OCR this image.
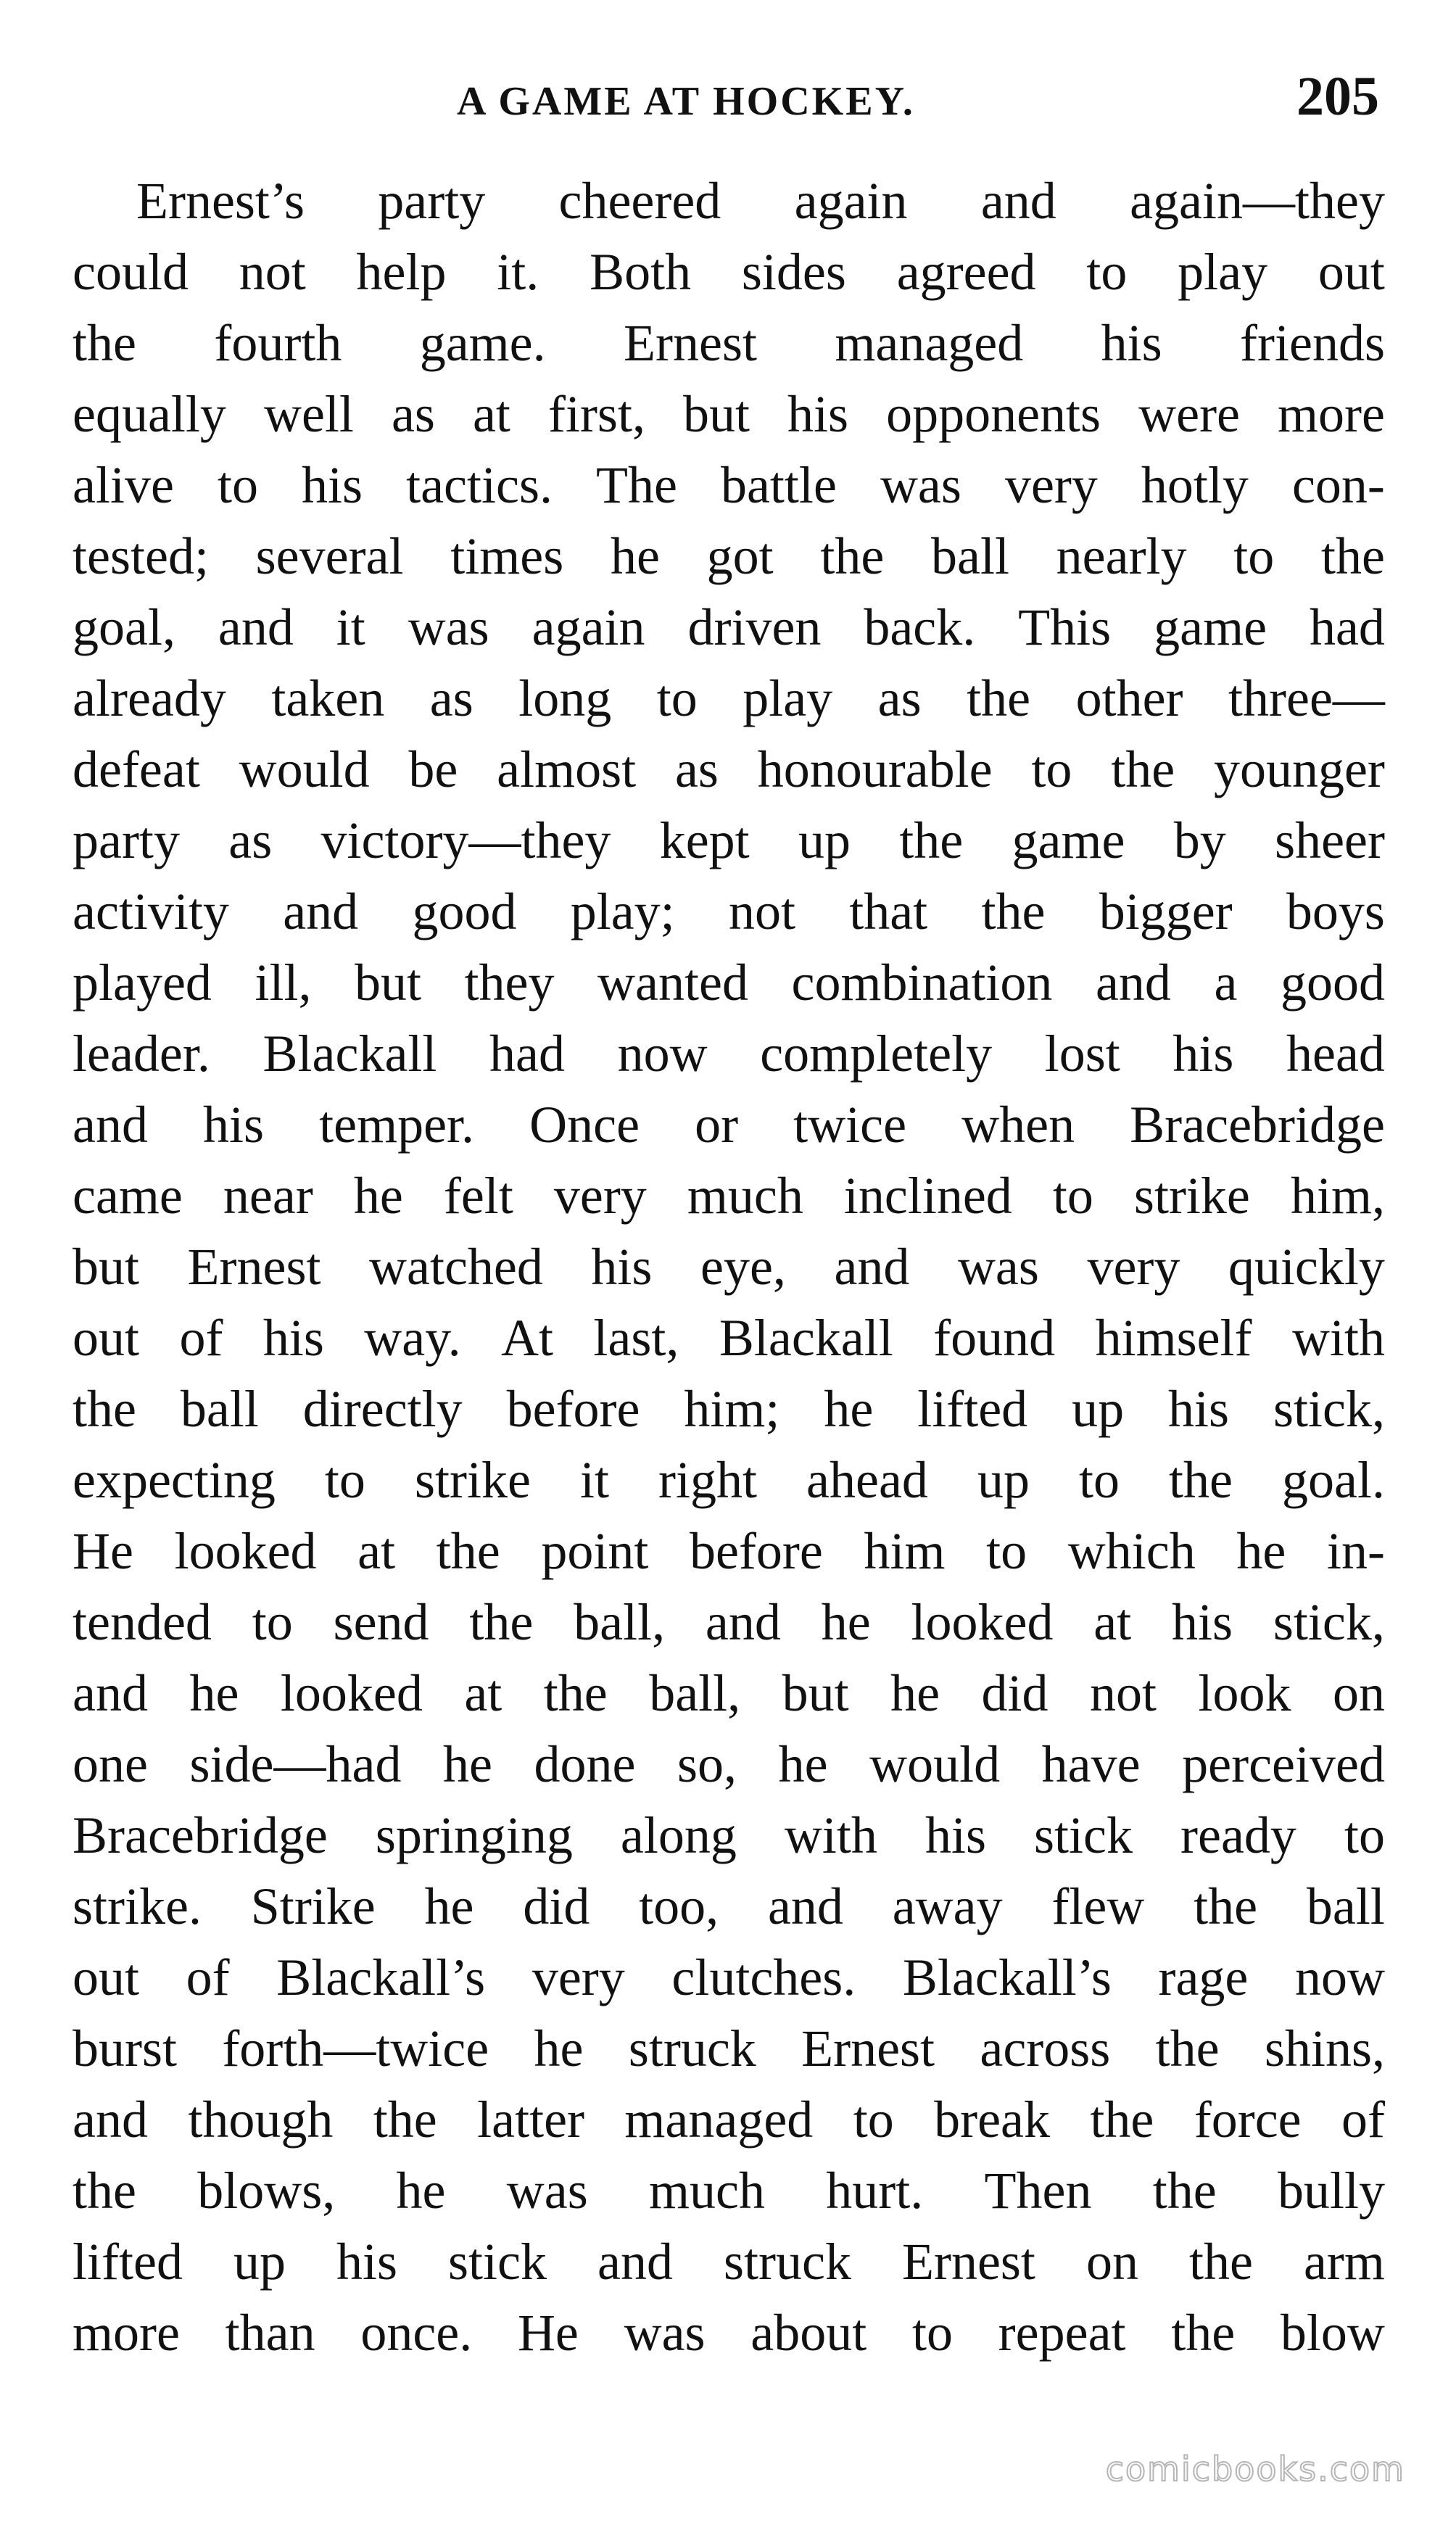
A GAME AT HOCKEY.	205
Ernest’s party cheered again and again—they
could not help it. Both sides agreed to play out
the fourth game. Ernest managed his friends
equally well as at first, but his opponents were more
alive to his tactics. The battle was very hotly con-
tested; several times he got the ball nearly to the
goal, and it was again driven back. This game had
already taken as long to play as the other three—
defeat would be almost as honourable to the younger
party as victory—they kept up the game by sheer
activity and good play; not that the bigger boys
played ill, but they wanted combination and a good
leader. Blackall had now completely lost his head
and his temper. Once or twice when Bracebridge
came near he felt very much inclined to strike him,
but Ernest watched his eye, and was very quickly
out of his way. At last, Blackall found himself with
the ball directly before him; he lifted up his stick,
expecting to strike it right ahead up to the goal.
He looked at the point before him to which he in-
tended to send the ball, and he looked at his stick,
and he looked at the ball, but he did not look on
one side—had he done so, he would have perceived
Bracebridge springing along with his stick ready to
strike. Strike he did too, and away flew the ball
out of Blackall’s very clutches. Blackall’s rage now
burst forth—twice he struck Ernest across the shins,
and though the latter managed to break the force of
the blows, he was much hurt. Then the bully
lifted up his stick and struck Ernest on the arm
more than once. He was about to repeat the blow
comicbooks.com
